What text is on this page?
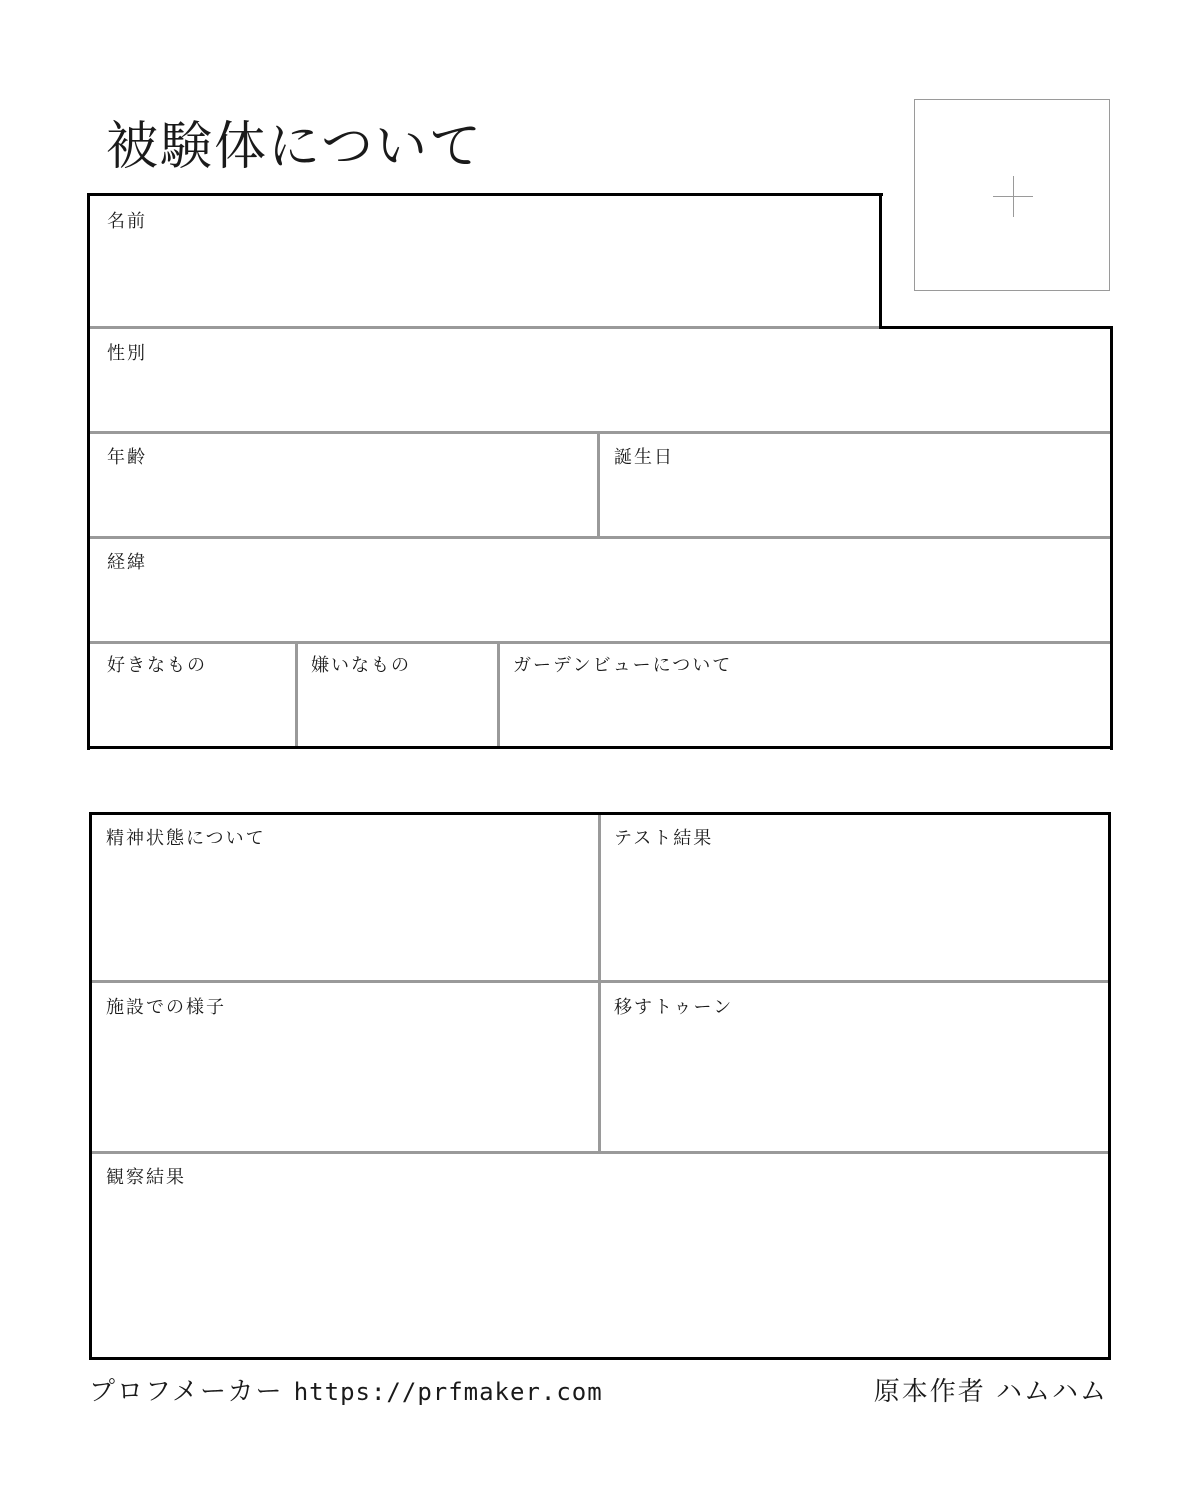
被験体について
名前
性別
年齢	誕生日
経緯
好きなもの	嫌いなもの	ガーデンビューについて
精神状態について	テスト結果
施設での様子	移すトゥーン
観察結果
プロフメーカー https://prfmaker.com	原本作者 ハムハム
